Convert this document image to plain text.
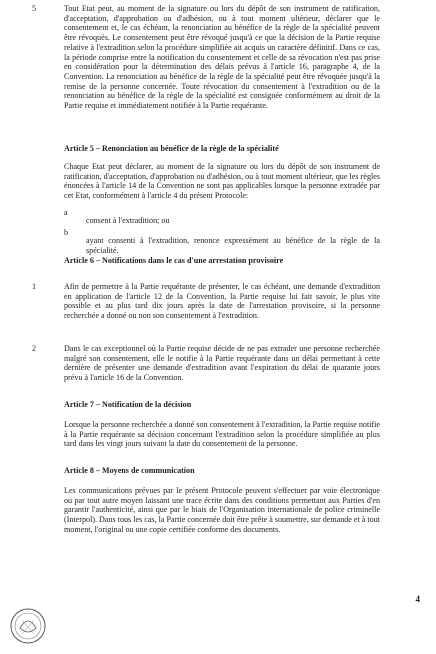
5	Tout Etat peut, au moment de la signature ou lors du dépôt de son instrument de ratification, d'acceptation, d'approbation ou d'adhésion, ou à tout moment ultérieur, déclarer que le consentement et, le cas échéant, la renonciation au bénéfice de la règle de la spécialité peuvent être révoqués. Le consentement peut être révoqué jusqu'à ce que la décision de la Partie requise relative à l'extradition selon la procédure simplifiée ait acquis un caractère définitif. Dans ce cas, la période comprise entre la notification du consentement et celle de sa révocation n'est pas prise en considération pour la détermination des délais prévus à l'article 16, paragraphe 4, de la Convention. La renonciation au bénéfice de la règle de la spécialité peut être révoquée jusqu'à la remise de la personne concernée. Toute révocation du consentement à l'extradition ou de la renonciation au bénéfice de la règle de la spécialité est consignée conformément au droit de la Partie requise et immédiatement notifiée à la Partie requérante.

Article 5 – Renonciation au bénéfice de la règle de la spécialité

Chaque Etat peut déclarer, au moment de la signature ou lors du dépôt de son instrument de ratification, d'acceptation, d'approbation ou d'adhésion, ou à tout moment ultérieur, que les règles énoncées à l'article 14 de la Convention ne sont pas applicables lorsque la personne extradée par cet Etat, conformément à l'article 4 du présent Protocole:

a

consent à l'extradition; ou

b

ayant consenti à l'extradition, renonce expressément au bénéfice de la règle de la spécialité.

Article 6 – Notifications dans le cas d'une arrestation provisoire
1	Afin de permettre à la Partie requérante de présenter, le cas échéant, une demande d'extradition en application de l'article 12 de la Convention, la Partie requise lui fait savoir, le plus vite possible et au plus tard dix jours après la date de l'arrestation provisoire, si la personne recherchée a donné ou non son consentement à l'extradition.

2	Dans le cas exceptionnel où la Partie requise décide de ne pas extrader une personne recherchée malgré son consentement, elle le notifie à la Partie requérante dans un délai permettant à cette dernière de présenter une demande d'extradition avant l'expiration du délai de quarante jours prévu à l'article 16 de la Convention.

Article 7 – Notification de la décision

Lorsque la personne recherchée a donné son consentement à l'extradition, la Partie requise notifie à la Partie requérante sa décision concernant l'extradition selon la procédure simplifiée au plus tard dans les vingt jours suivant la date du consentement de la personne.

Article 8 – Moyens de communication

Les communications prévues par le présent Protocole peuvent s'effectuer par voie électronique ou par tout autre moyen laissant une trace écrite dans des conditions permettant aux Parties d'en garantir l'authenticité, ainsi que par le biais de l'Organisation internationale de police criminelle (Interpol). Dans tous les cas, la Partie concernée doit être prête à soumettre, sur demande et à tout moment, l'original ou une copie certifiée conforme des documents.

4
